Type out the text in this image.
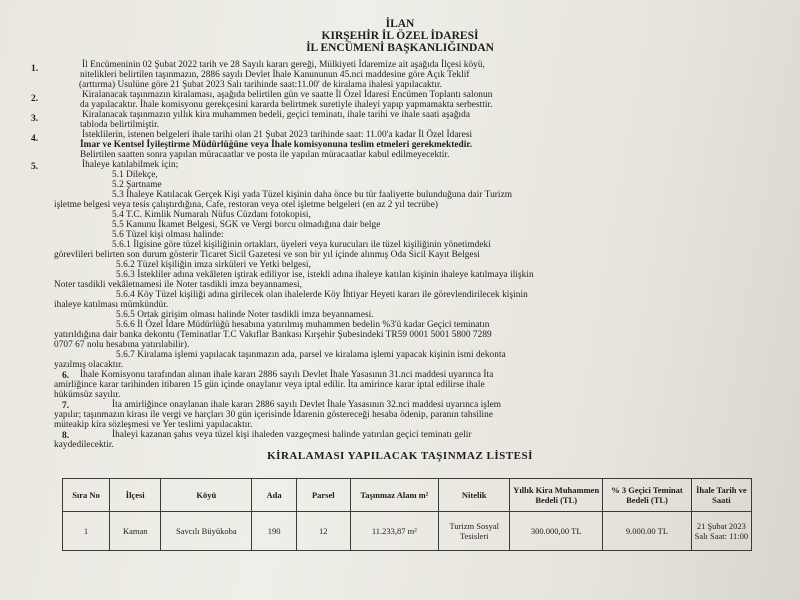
İLAN
KIRŞEHİR İL ÖZEL İDARESİ
İL ENCÜMENİ BAŞKANLIĞINDAN
1.	İl Encümeninin 02 Şubat 2022 tarih ve 28 Sayılı kararı gereği, Mülkiyeti İdaremize ait aşağıda İlçesi köyü,
nitelikleri belirtilen taşınmazın, 2886 sayılı Devlet İhale Kanununun 45.nci maddesine göre Açık Teklif
(arttırma) Usulüne göre 21 Şubat 2023 Salı tarihinde saat:11.00' de kiralama ihalesi yapılacaktır.
2.	Kiralanacak taşınmazın kiralaması, aşağıda belirtilen gün ve saatte İl Özel İdaresi Encümen Toplantı salonun
da yapılacaktır. İhale komisyonu gerekçesini kararda belirtmek suretiyle ihaleyi yapıp yapmamakta serbesttir.
3.	Kiralanacak taşınmazın yıllık kira muhammen bedeli, geçici teminatı, ihale tarihi ve ihale saati aşağıda
tabloda belirtilmiştir.
4.	İsteklilerin, istenen belgeleri ihale tarihi olan 21 Şubat 2023 tarihinde saat: 11.00'a kadar İl Özel İdaresi
İmar ve Kentsel İyileştirme Müdürlüğüne veya İhale komisyonuna teslim etmeleri gerekmektedir.
Belirtilen saatten sonra yapılan müracaatlar ve posta ile yapılan müracaatlar kabul edilmeyecektir.
5.	İhaleye katılabilmek için;
5.1 Dilekçe,
5.2 Şartname
5.3 İhaleye Katılacak Gerçek Kişi yada Tüzel kişinin daha önce bu tür faaliyette bulunduğuna dair Turizm
işletme belgesi veya tesis çalıştırdığına, Cafe, restoran veya otel işletme belgeleri (en az 2 yıl tecrübe)
5.4 T.C. Kimlik Numaralı Nüfus Cüzdanı fotokopisi,
5.5 Kanunu İkamet Belgesi, SGK ve Vergi borcu olmadığına dair belge
5.6 Tüzel kişi olması halinde:
5.6.1 İlgisine göre tüzel kişiliğinin ortakları, üyeleri veya kurucuları ile tüzel kişiliğinin yönetimdeki
görevlileri belirten son durum gösterir Ticaret Sicil Gazetesi ve son bir yıl içinde alınmış Oda Sicil Kayıt Belgesi
5.6.2 Tüzel kişiliğin imza sirküleri ve Yetki belgesi,
5.6.3 İstekliler adına vekâleten iştirak ediliyor ise, istekli adına ihaleye katılan kişinin ihaleye katılmaya ilişkin
Noter tasdikli vekâletnamesi ile Noter tasdikli imza beyannamesi,
5.6.4 Köy Tüzel kişiliği adına girilecek olan ihalelerde Köy İhtiyar Heyeti kararı ile görevlendirilecek kişinin
ihaleye katılması mümkündür.
5.6.5 Ortak girişim olması halinde Noter tasdikli imza beyannamesi.
5.6.6 İl Özel İdare Müdürlüğü hesabına yatırılmış muhammen bedelin %3'ü kadar Geçici teminatın
yatırıldığına dair banka dekontu (Teminatlar T.C Vakıflar Bankası Kırşehir Şubesindeki TR59 0001 5001 5800 7289
0707 67 nolu hesabına yatırılabilir).
5.6.7 Kiralama işlemi yapılacak taşınmazın ada, parsel ve kiralama işlemi yapacak kişinin ismi dekonta
yazılmış olacaktır.
6. İhale Komisyonu tarafından alınan ihale kararı 2886 sayılı Devlet İhale Yasasının 31.nci maddesi uyarınca İta
amirliğince karar tarihinden itibaren 15 gün içinde onaylanır veya iptal edilir. İta amirince karar iptal edilirse ihale
hükümsüz sayılır.
7.	İta amirliğince onaylanan ihale kararı 2886 sayılı Devlet İhale Yasasının 32.nci maddesi uyarınca işlem
yapılır; taşınmazın kirası ile vergi ve harçları 30 gün içerisinde İdarenin göstereceği hesaba ödenip, paranın tahsiline
müteakip kira sözleşmesi ve Yer teslimi yapılacaktır.
8.	İhaleyi kazanan şahıs veya tüzel kişi ihaleden vazgeçmesi halinde yatırılan geçici teminatı gelir
kaydedilecektir.
KİRALAMASI YAPILACAK TAŞINMAZ LİSTESİ
Sıra No	İlçesi	Köyü	Ada	Parsel	Taşınmaz Alanı m²	Nitelik	Yıllık Kira Muhammen Bedeli (TL)	% 3 Geçici Teminat Bedeli (TL)	İhale Tarih ve Saati
1	Kaman	Savcılı Büyükoba	190	12	11.233,87 m²	Turizm Sosyal Tesisleri	300.000,00 TL	9.000.00 TL	21 Şubat 2023 Salı Saat: 11:00
